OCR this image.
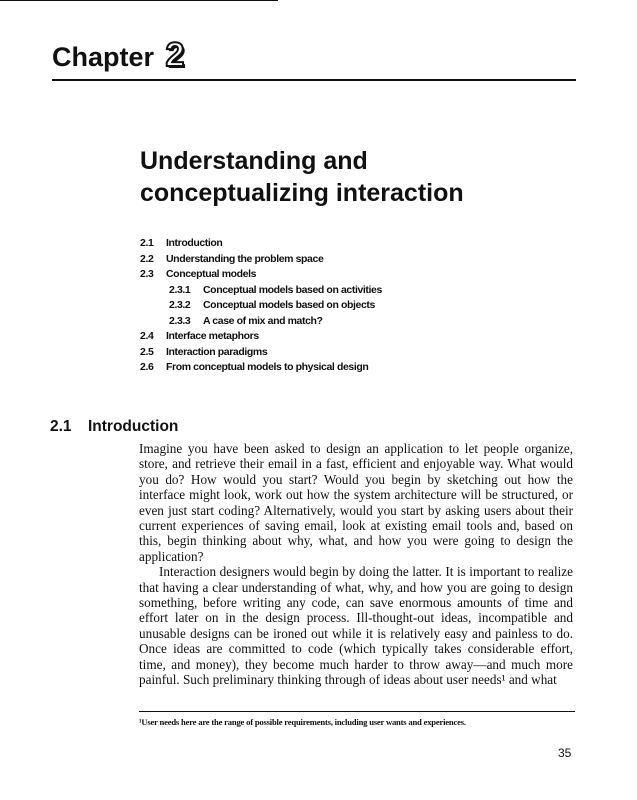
Chapter 2
Understanding and
conceptualizing interaction
2.1 Introduction
2.2 Understanding the problem space
2.3 Conceptual models
2.3.1 Conceptual models based on activities
2.3.2 Conceptual models based on objects
2.3.3 A case of mix and match?
2.4 Interface metaphors
2.5 Interaction paradigms
2.6 From conceptual models to physical design
2.1 Introduction

Imagine you have been asked to design an application to let people organize, store, and retrieve their email in a fast, efficient and enjoyable way. What would you do? How would you start? Would you begin by sketching out how the interface might look, work out how the system architecture will be structured, or even just start coding? Alternatively, would you start by asking users about their current experiences of saving email, look at existing email tools and, based on this, begin thinking about why, what, and how you were going to design the application?

Interaction designers would begin by doing the latter. It is important to realize that having a clear understanding of what, why, and how you are going to design something, before writing any code, can save enormous amounts of time and effort later on in the design process. Ill-thought-out ideas, incompatible and unusable designs can be ironed out while it is relatively easy and painless to do. Once ideas are committed to code (which typically takes considerable effort, time, and money), they become much harder to throw away—and much more painful. Such preliminary thinking through of ideas about user needs¹ and what

¹User needs here are the range of possible requirements, including user wants and experiences.
35
